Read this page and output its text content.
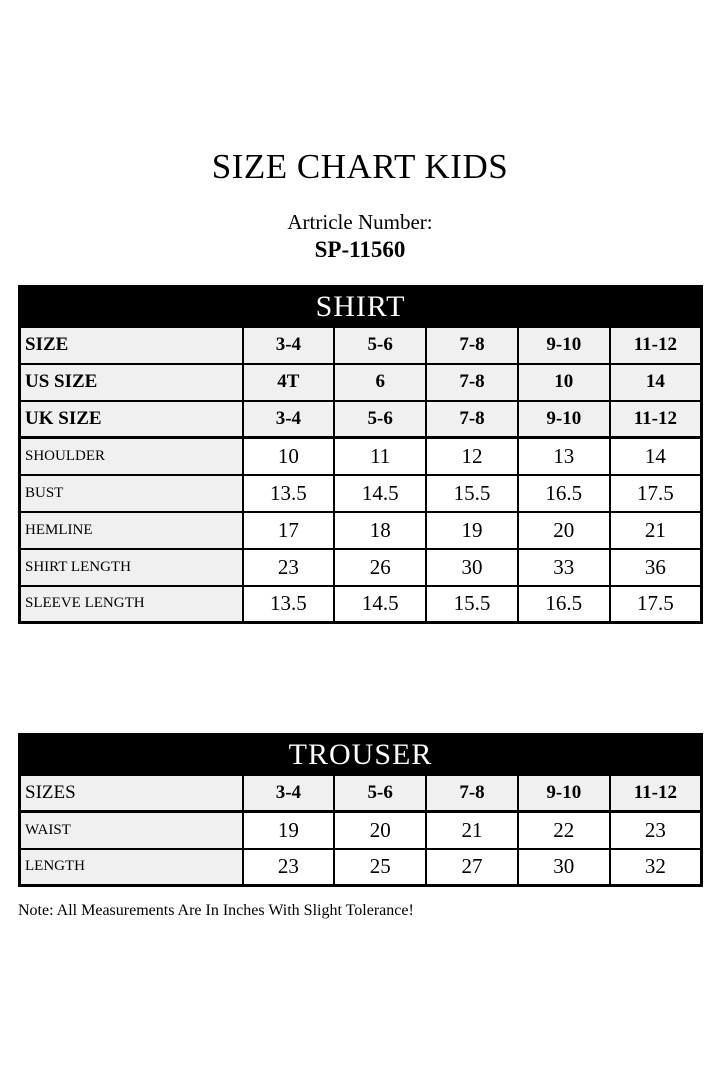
SIZE CHART KIDS
Artricle Number:
SP-11560
SHIRT					
SIZE	3-4	5-6	7-8	9-10	11-12
US SIZE	4T	6	7-8	10	14
UK SIZE	3-4	5-6	7-8	9-10	11-12
SHOULDER	10	11	12	13	14
BUST	13.5	14.5	15.5	16.5	17.5
HEMLINE	17	18	19	20	21
SHIRT LENGTH	23	26	30	33	36
SLEEVE LENGTH	13.5	14.5	15.5	16.5	17.5
TROUSER					
SIZES	3-4	5-6	7-8	9-10	11-12
WAIST	19	20	21	22	23
LENGTH	23	25	27	30	32
Note: All Measurements Are In Inches With Slight Tolerance!
